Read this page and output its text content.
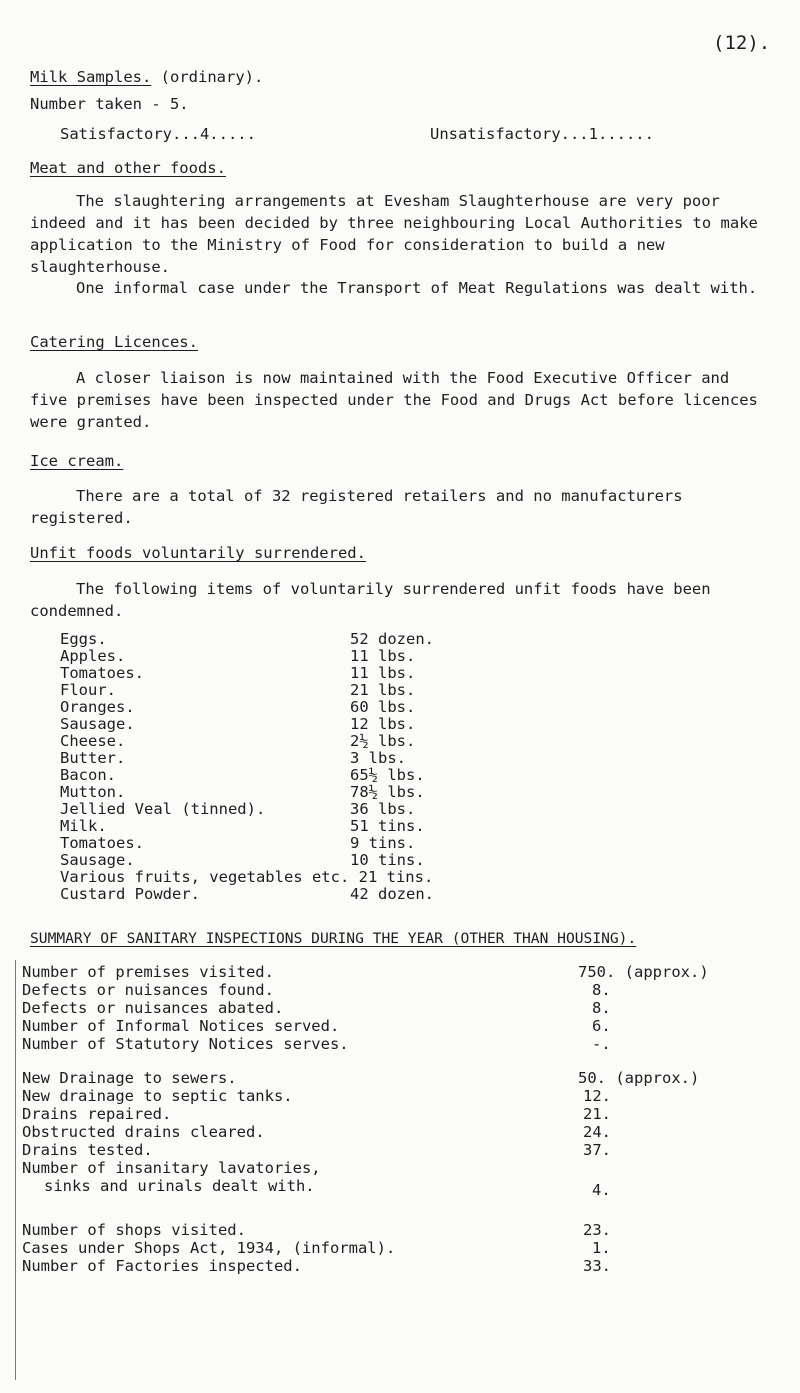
(12).
Milk Samples. (ordinary).
Number taken - 5.
Satisfactory...4.....	Unsatisfactory...1......
Meat and other foods.
The slaughtering arrangements at Evesham Slaughterhouse are very poor indeed and it has been decided by three neighbouring Local Authorities to make application to the Ministry of Food for consideration to build a new slaughterhouse.
One informal case under the Transport of Meat Regulations was dealt with.
Catering Licences.
A closer liaison is now maintained with the Food Executive Officer and five premises have been inspected under the Food and Drugs Act before licences were granted.
Ice cream.
There are a total of 32 registered retailers and no manufacturers registered.
Unfit foods voluntarily surrendered.
The following items of voluntarily surrendered unfit foods have been condemned.
Eggs.	52 dozen.
Apples.	11 lbs.
Tomatoes.	11 lbs.
Flour.	21 lbs.
Oranges.	60 lbs.
Sausage.	12 lbs.
Cheese.	2½ lbs.
Butter.	3 lbs.
Bacon.	65½ lbs.
Mutton.	78½ lbs.
Jellied Veal (tinned).	36 lbs.
Milk.	51 tins.
Tomatoes.	9 tins.
Sausage.	10 tins.
Various fruits, vegetables etc. 21 tins.
Custard Powder.	42 dozen.
SUMMARY OF SANITARY INSPECTIONS DURING THE YEAR (OTHER THAN HOUSING).
Number of premises visited.	750. (approx.)
Defects or nuisances found.	8.
Defects or nuisances abated.	8.
Number of Informal Notices served.	6.
Number of Statutory Notices serves.	-.
New Drainage to sewers.	50. (approx.)
New drainage to septic tanks.	12.
Drains repaired.	21.
Obstructed drains cleared.	24.
Drains tested.	37.
Number of insanitary lavatories,
sinks and urinals dealt with.	4.
Number of shops visited.	23.
Cases under Shops Act, 1934, (informal).	1.
Number of Factories inspected.	33.
